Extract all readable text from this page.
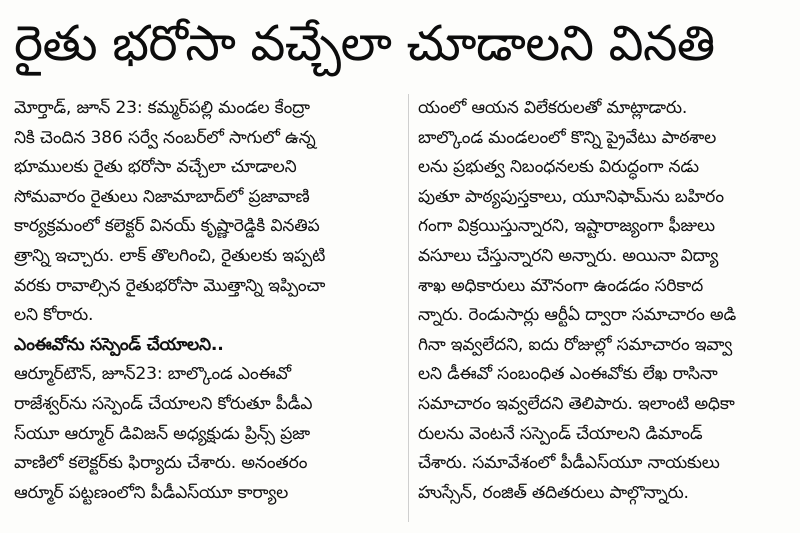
రైతు భరోసా వచ్చేలా చూడాలని వినతి
మోర్తాడ్, జూన్ 23: కమ్మర్‌పల్లి మండల కేంద్రా
నికి చెందిన 386 సర్వే నంబర్‌లో సాగులో ఉన్న
భూములకు రైతు భరోసా వచ్చేలా చూడాలని
సోమవారం రైతులు నిజామాబాద్‌లో ప్రజావాణి
కార్యక్రమంలో కలెక్టర్ వినయ్ కృష్ణారెడ్డికి వినతిప
త్రాన్ని ఇచ్చారు. లాక్ తొలగించి, రైతులకు ఇప్పటి
వరకు రావాల్సిన రైతుభరోసా మొత్తాన్ని ఇప్పించా
లని కోరారు.
ఎంఈవోను సస్పెండ్ చేయాలని..
ఆర్మూర్‌టౌన్, జూన్23: బాల్కొండ ఎంఈవో
రాజేశ్వర్‌ను సస్పెండ్ చేయాలని కోరుతూ పీడీఎ
స్‌యూ ఆర్మూర్ డివిజన్ అధ్యక్షుడు ప్రిన్స్ ప్రజా
వాణిలో కలెక్టర్‌కు ఫిర్యాదు చేశారు. అనంతరం
ఆర్మూర్ పట్టణంలోని పీడీఎస్‌యూ కార్యాల
యంలో ఆయన విలేకరులతో మాట్లాడారు.
బాల్కొండ మండలంలో కొన్ని ప్రైవేటు పాఠశాల
లను ప్రభుత్వ నిబంధనలకు విరుద్ధంగా నడు
పుతూ పాఠ్యపుస్తకాలు, యూనిఫామ్‌ను బహిరం
గంగా విక్రయిస్తున్నారని, ఇష్టారాజ్యంగా ఫీజులు
వసూలు చేస్తున్నారని అన్నారు. అయినా విద్యా
శాఖ అధికారులు మౌనంగా ఉండడం సరికాద
న్నారు. రెండుసార్లు ఆర్టీఏ ద్వారా సమాచారం అడి
గినా ఇవ్వలేదని, ఐదు రోజుల్లో సమాచారం ఇవ్వా
లని డీఈవో సంబంధిత ఎంఈవోకు లేఖ రాసినా
సమాచారం ఇవ్వలేదని తెలిపారు. ఇలాంటి అధికా
రులను వెంటనే సస్పెండ్ చేయాలని డిమాండ్
చేశారు. సమావేశంలో పీడీఎస్‌యూ నాయకులు
హుస్సేన్, రంజిత్ తదితరులు పాల్గొన్నారు.
